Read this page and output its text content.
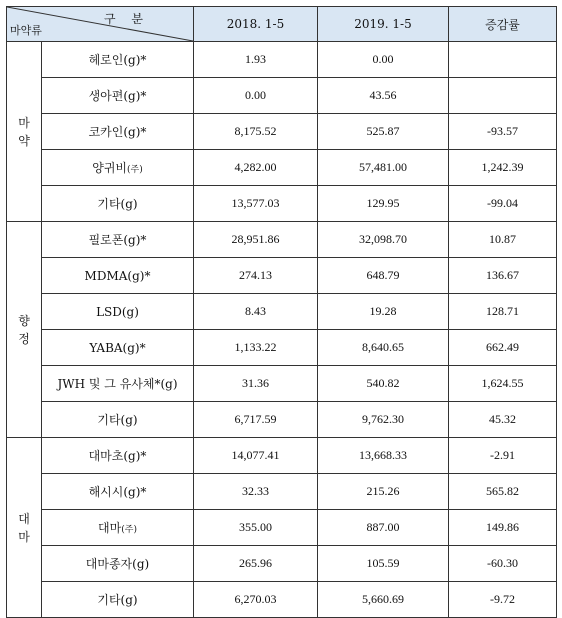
구 분
마약류		2018. 1-5	2019. 1-5	증감률

마
약	헤로인(g)*	1.93	0.00	
	생아편(g)*	0.00	43.56	
	코카인(g)*	8,175.52	525.87	-93.57
	양귀비(주)	4,282.00	57,481.00	1,242.39
	기타(g)	13,577.03	129.95	-99.04

향
정	필로폰(g)*	28,951.86	32,098.70	10.87
	MDMA(g)*	274.13	648.79	136.67
	LSD(g)	8.43	19.28	128.71
	YABA(g)*	1,133.22	8,640.65	662.49
	JWH 및 그 유사체*(g)	31.36	540.82	1,624.55
	기타(g)	6,717.59	9,762.30	45.32

대
마	대마초(g)*	14,077.41	13,668.33	-2.91
	해시시(g)*	32.33	215.26	565.82
	대마(주)	355.00	887.00	149.86
	대마종자(g)	265.96	105.59	-60.30
	기타(g)	6,270.03	5,660.69	-9.72
